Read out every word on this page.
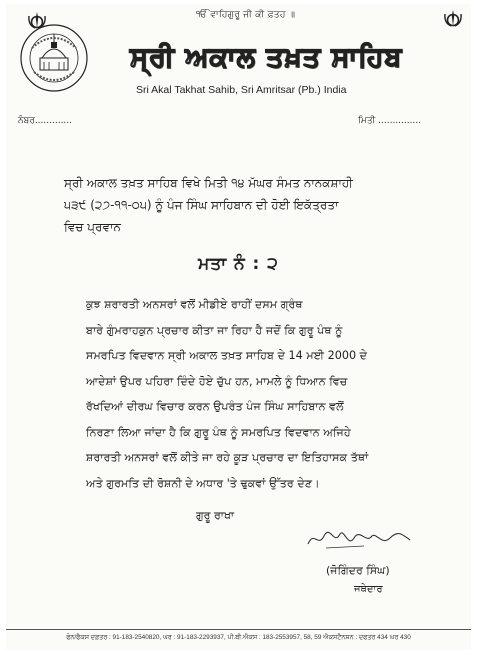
ੴ ਵਾਹਿਗੁਰੂ ਜੀ ਕੀ ਫ਼ਤਹ ॥
ਸ੍ਰੀ ਅਕਾਲ ਤਖ਼ਤ ਸਾਹਿਬ
Sri Akal Takhat Sahib, Sri Amritsar (Pb.) India
ਨੰਬਰ.............	ਮਿਤੀ ...............
ਸ੍ਰੀ ਅਕਾਲ ਤਖ਼ਤ ਸਾਹਿਬ ਵਿਖੇ ਮਿਤੀ ੧੪ ਮੱਘਰ ਸੰਮਤ ਨਾਨਕਸ਼ਾਹੀ
੫੩੯ (੨੭-੧੧-੦੫) ਨੂੰ ਪੰਜ ਸਿੰਘ ਸਾਹਿਬਾਨ ਦੀ ਹੋਈ ਇਕੱਤ੍ਰਤਾ
ਵਿਚ ਪ੍ਰਵਾਨ
ਮਤਾ ਨੰ : ੨
ਕੁਝ ਸ਼ਰਾਰਤੀ ਅਨਸਰਾਂ ਵਲੋਂ ਮੀਡੀਏ ਰਾਹੀਂ ਦਸਮ ਗ੍ਰੰਥ
ਬਾਰੇ ਗੁੰਮਰਾਹਕੁਨ ਪ੍ਰਚਾਰ ਕੀਤਾ ਜਾ ਰਿਹਾ ਹੈ ਜਦੋਂ ਕਿ ਗੁਰੂ ਪੰਥ ਨੂੰ
ਸਮਰਪਿਤ ਵਿਦਵਾਨ ਸ੍ਰੀ ਅਕਾਲ ਤਖ਼ਤ ਸਾਹਿਬ ਦੇ 14 ਮਈ 2000 ਦੇ
ਆਦੇਸ਼ਾਂ ਉਪਰ ਪਹਿਰਾ ਦਿੰਦੇ ਹੋਏ ਚੁੱਪ ਹਨ, ਮਾਮਲੇ ਨੂੰ ਧਿਆਨ ਵਿਚ
ਰੱਖਦਿਆਂ ਦੀਰਘ ਵਿਚਾਰ ਕਰਨ ਉਪਰੰਤ ਪੰਜ ਸਿੰਘ ਸਾਹਿਬਾਨ ਵਲੋਂ
ਨਿਰਣਾ ਲਿਆ ਜਾਂਦਾ ਹੈ ਕਿ ਗੁਰੂ ਪੰਥ ਨੂੰ ਸਮਰਪਿਤ ਵਿਦਵਾਨ ਅਜਿਹੇ
ਸ਼ਰਾਰਤੀ ਅਨਸਰਾਂ ਵਲੋਂ ਕੀਤੇ ਜਾ ਰਹੇ ਕੂੜ ਪ੍ਰਚਾਰ ਦਾ ਇਤਿਹਾਸਕ ਤੱਥਾਂ
ਅਤੇ ਗੁਰਮਤਿ ਦੀ ਰੋਸ਼ਨੀ ਦੇ ਅਧਾਰ 'ਤੇ ਢੁਕਵਾਂ ਉੱਤਰ ਦੇਣ।
ਗੁਰੂ ਰਾਖਾ
(ਜੋਗਿੰਦਰ ਸਿੰਘ)
ਜਥੇਦਾਰ
ਫੋਨ/ਫੈਕਸ ਦਫ਼ਤਰ : 91-183-2540820, ਘਰ : 91-183-2293937, ਪੀ.ਬੀ.ਐਕਸ : 183-2553957, 58, 59 ਐਕਸਟੈਨਸ਼ਨ : ਦਫਤਰ 434 ਘਰ 430
